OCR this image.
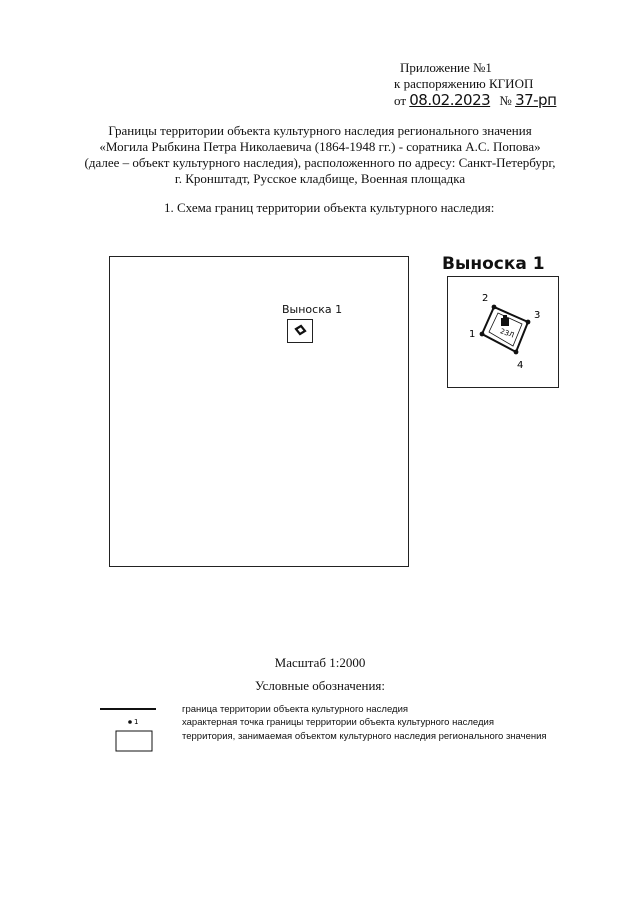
Приложение №1
к распоряжению КГИОП
от 08.02.2023 № 37-рп
Границы территории объекта культурного наследия регионального значения
«Могила Рыбкина Петра Николаевича (1864-1948 гг.) - соратника А.С. Попова»
(далее – объект культурного наследия), расположенного по адресу: Санкт-Петербург,
г. Кронштадт, Русское кладбище, Военная площадка
1. Схема границ территории объекта культурного наследия:
Выноска 1
Выноска 1
1
2
3
4
2ЗЛ
Масштаб 1:2000
Условные обозначения:
1
граница территории объекта культурного наследия
характерная точка границы территории объекта культурного наследия
территория, занимаемая объектом культурного наследия регионального значения
